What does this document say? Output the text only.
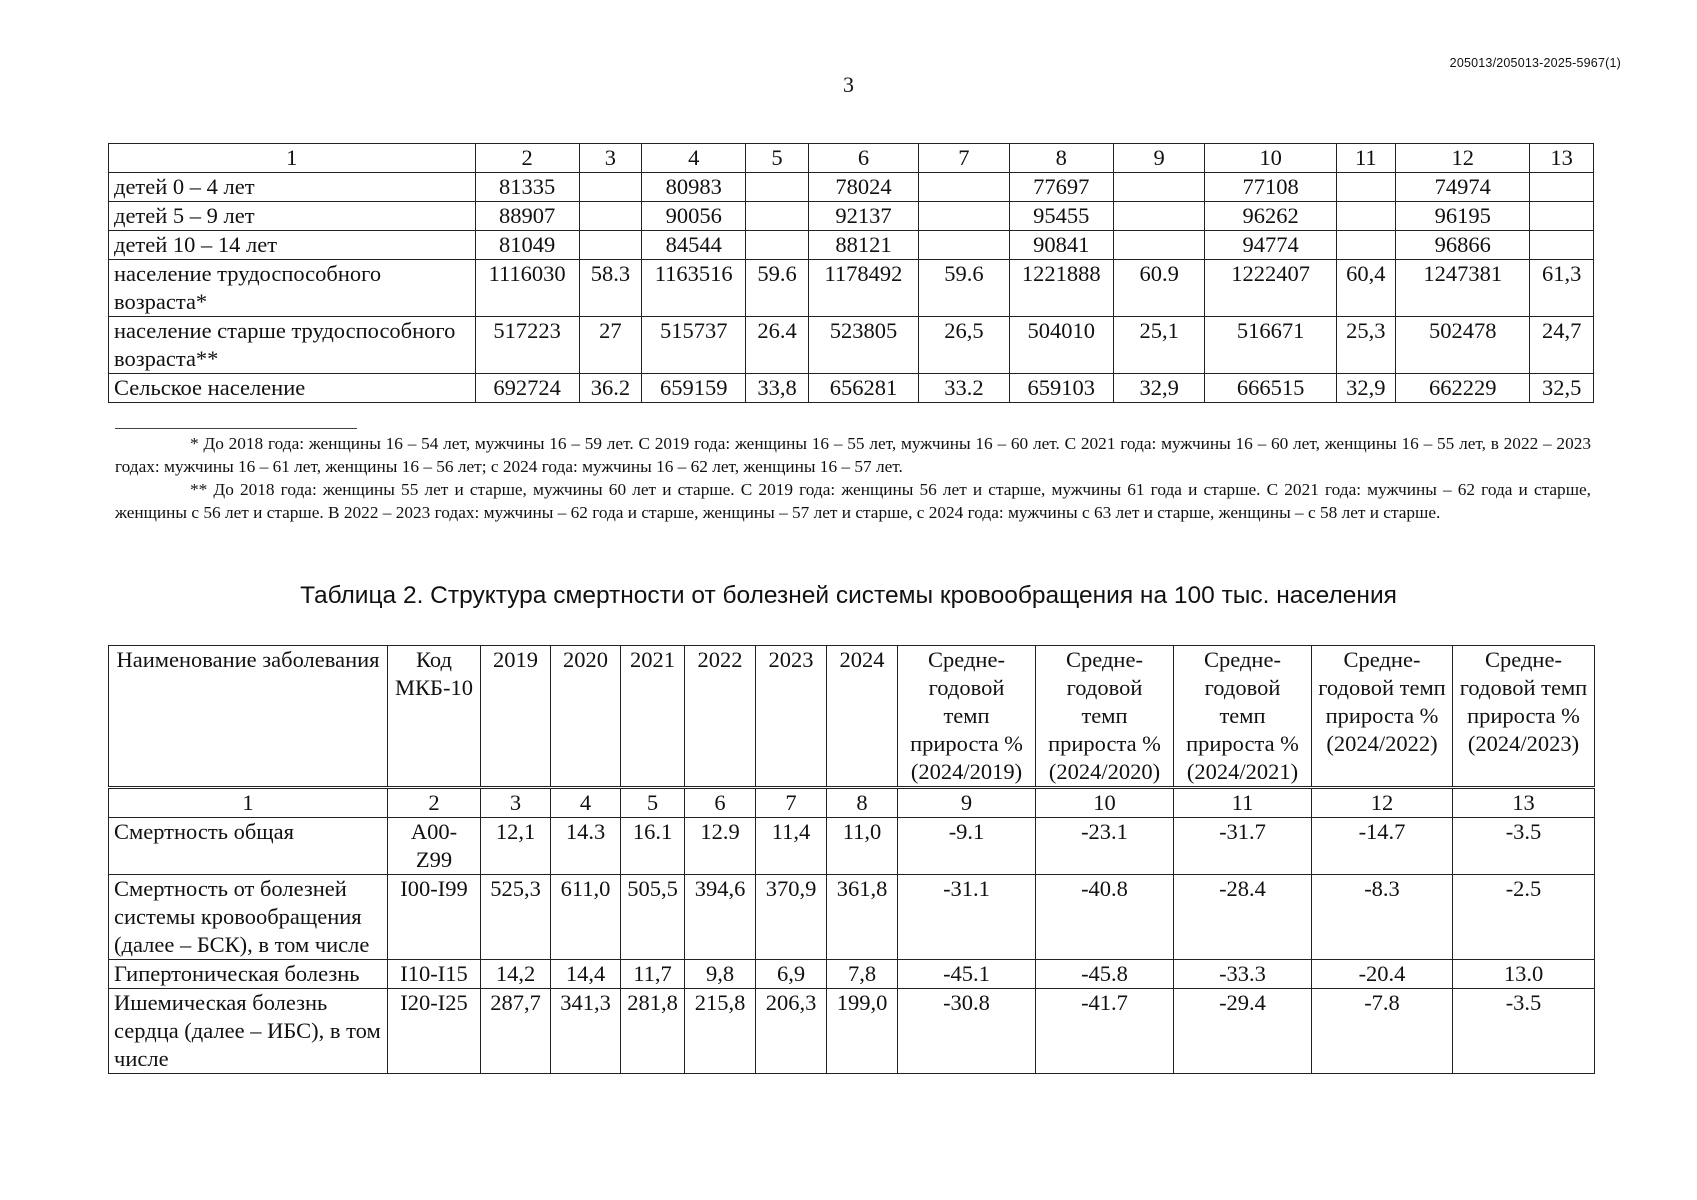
205013/205013-2025-5967(1)
3
1	2	3	4	5	6	7	8	9	10	11	12	13
детей 0 – 4 лет	81335		80983		78024		77697		77108		74974	
детей 5 – 9 лет	88907		90056		92137		95455		96262		96195	
детей 10 – 14 лет	81049		84544		88121		90841		94774		96866	
население трудоспособного возраста*	1116030	58.3	1163516	59.6	1178492	59.6	1221888	60.9	1222407	60,4	1247381	61,3
население старше трудоспособного возраста**	517223	27	515737	26.4	523805	26,5	504010	25,1	516671	25,3	502478	24,7
Сельское население	692724	36.2	659159	33,8	656281	33.2	659103	32,9	666515	32,9	662229	32,5

* До 2018 года: женщины 16 – 54 лет, мужчины 16 – 59 лет. С 2019 года: женщины 16 – 55 лет, мужчины 16 – 60 лет. С 2021 года: мужчины 16 – 60 лет, женщины 16 – 55 лет, в 2022 – 2023 годах: мужчины 16 – 61 лет, женщины 16 – 56 лет; с 2024 года: мужчины 16 – 62 лет, женщины 16 – 57 лет.

** До 2018 года: женщины 55 лет и старше, мужчины 60 лет и старше. С 2019 года: женщины 56 лет и старше, мужчины 61 года и старше. С 2021 года: мужчины – 62 года и старше, женщины с 56 лет и старше. В 2022 – 2023 годах: мужчины – 62 года и старше, женщины – 57 лет и старше, с 2024 года: мужчины с 63 лет и старше, женщины – с 58 лет и старше.

Таблица 2. Структура смертности от болезней системы кровообращения на 100 тыс. населения
Наименование заболевания	Код МКБ-10	2019	2020	2021	2022	2023	2024	Средне-годовой темп прироста % (2024/2019)	Средне-годовой темп прироста % (2024/2020)	Средне-годовой темп прироста % (2024/2021)	Средне-годовой темп прироста % (2024/2022)	Средне-годовой темп прироста % (2024/2023)
1	2	3	4	5	6	7	8	9	10	11	12	13
Смертность общая	A00-Z99	12,1	14.3	16.1	12.9	11,4	11,0	-9.1	-23.1	-31.7	-14.7	-3.5
Смертность от болезней системы кровообращения (далее – БСК), в том числе	I00-I99	525,3	611,0	505,5	394,6	370,9	361,8	-31.1	-40.8	-28.4	-8.3	-2.5
Гипертоническая болезнь	I10-I15	14,2	14,4	11,7	9,8	6,9	7,8	-45.1	-45.8	-33.3	-20.4	13.0
Ишемическая болезнь сердца (далее – ИБС), в том числе	I20-I25	287,7	341,3	281,8	215,8	206,3	199,0	-30.8	-41.7	-29.4	-7.8	-3.5
